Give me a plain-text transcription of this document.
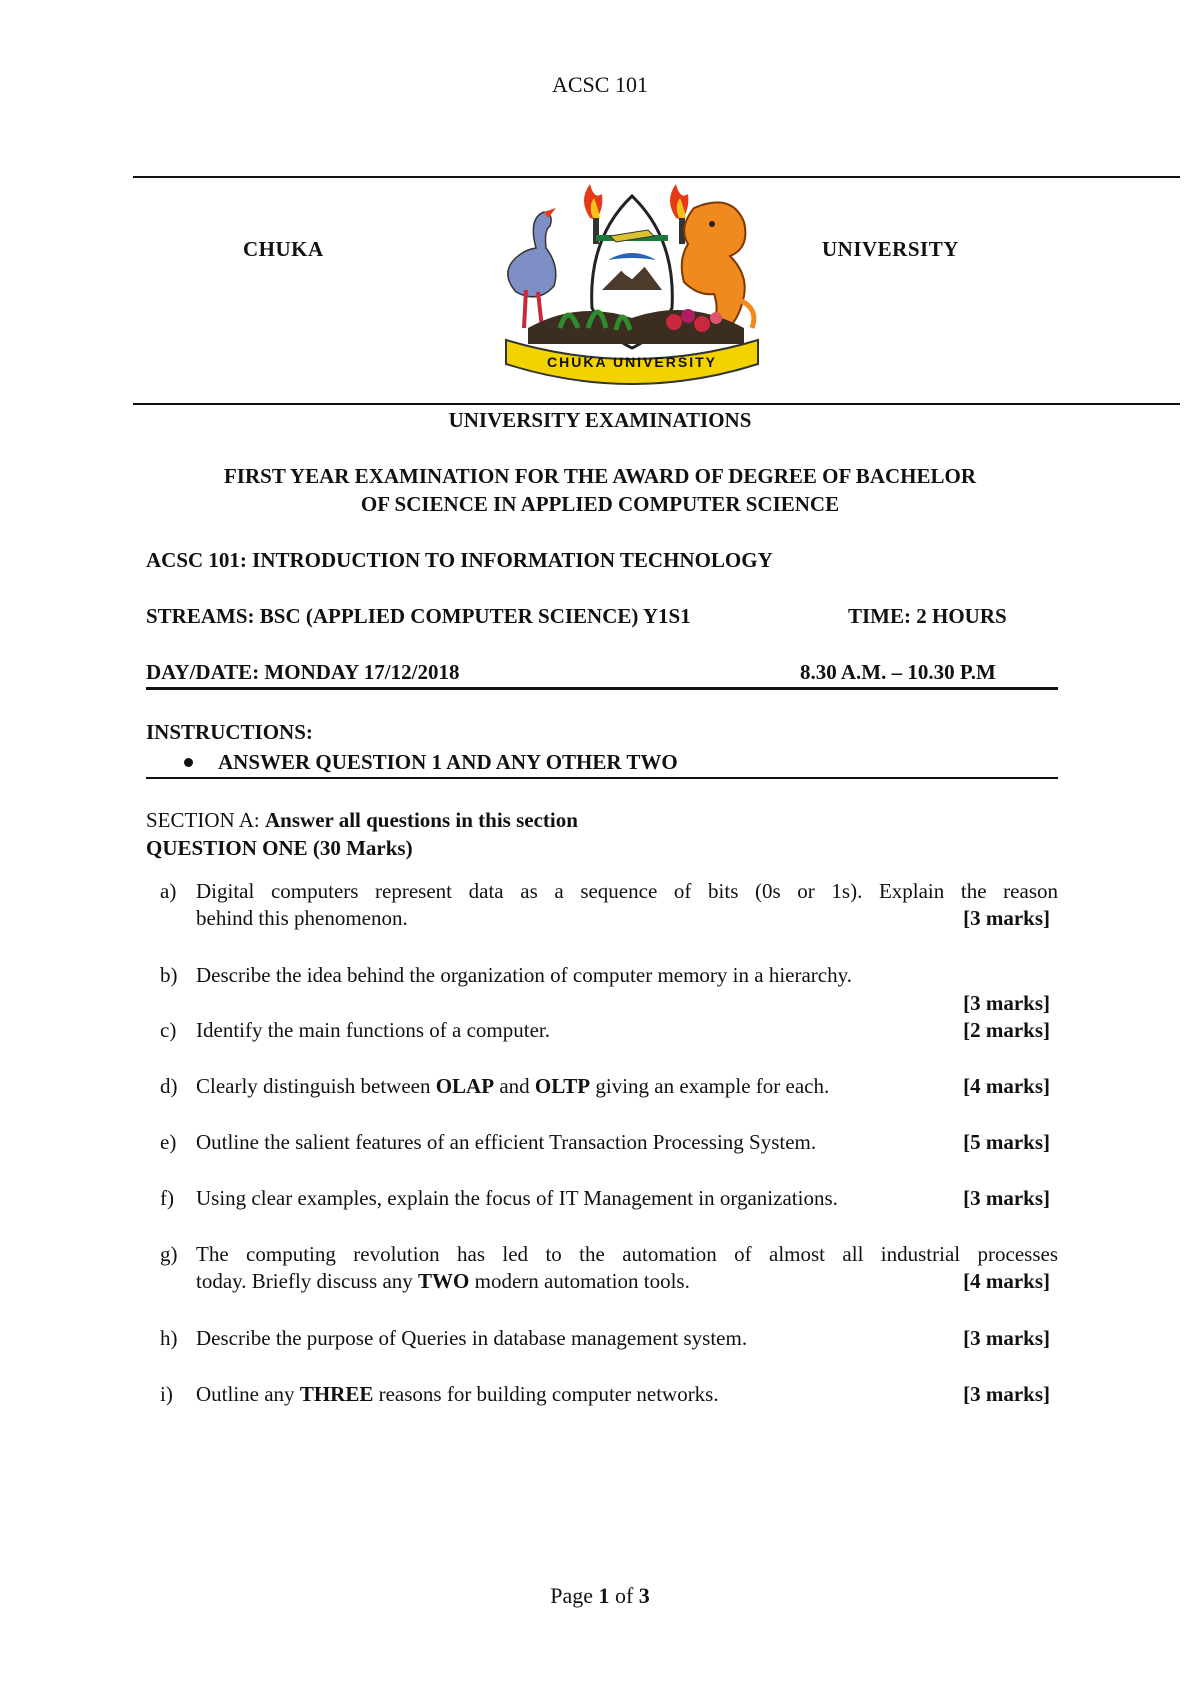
ACSC 101
CHUKA	UNIVERSITY
CHUKA UNIVERSITY
UNIVERSITY EXAMINATIONS
FIRST YEAR EXAMINATION FOR THE AWARD OF DEGREE OF BACHELOR
OF SCIENCE IN APPLIED COMPUTER SCIENCE
ACSC 101: INTRODUCTION TO INFORMATION TECHNOLOGY
STREAMS: BSC (APPLIED COMPUTER SCIENCE) Y1S1	TIME: 2 HOURS
DAY/DATE: MONDAY 17/12/2018	8.30 A.M. – 10.30 P.M
INSTRUCTIONS:
ANSWER QUESTION 1 AND ANY OTHER TWO
SECTION A: Answer all questions in this section
QUESTION ONE (30 Marks)
a) Digital computers represent data as a sequence of bits (0s or 1s). Explain the reason
behind this phenomenon.	[3 marks]
b) Describe the idea behind the organization of computer memory in a hierarchy.
[3 marks]
c) Identify the main functions of a computer.	[2 marks]
d) Clearly distinguish between OLAP and OLTP giving an example for each.	[4 marks]
e) Outline the salient features of an efficient Transaction Processing System.	[5 marks]
f) Using clear examples, explain the focus of IT Management in organizations.	[3 marks]
g) The computing revolution has led to the automation of almost all industrial processes
today. Briefly discuss any TWO modern automation tools.	[4 marks]
h) Describe the purpose of Queries in database management system.	[3 marks]
i) Outline any THREE reasons for building computer networks.	[3 marks]
Page 1 of 3
